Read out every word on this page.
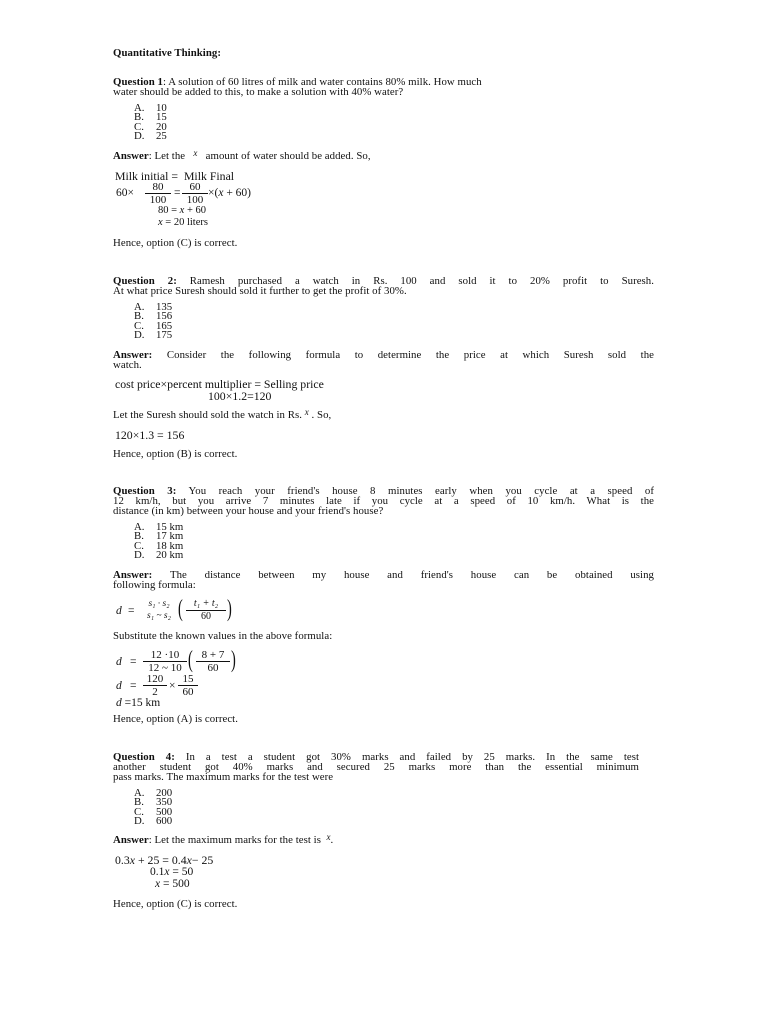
Quantitative Thinking:
Question 1: A solution of 60 litres of milk and water contains 80% milk. How much
water should be added to this, to make a solution with 40% water?
A. 10
B. 15
C. 20
D. 25
Answer: Let the $^x$ amount of water should be added. So,
Milk initial = Milk Final
$60\times \frac{80}{100} = \frac{60}{100} \times(x + 60)$
80 = x + 60
x = 20 liters
Hence, option (C) is correct.
Question 2: Ramesh purchased a watch in Rs. 100 and sold it to 20% profit to Suresh.
At what price Suresh should sold it further to get the profit of 30%.
A. 135
B. 156
C. 165
D. 175
Answer: Consider the following formula to determine the price at which Suresh sold the
watch.
cost price×percent multiplier = Selling price
100×1.2=120
Let the Suresh should sold the watch in Rs. $^x$ . So,
120×1.3 = 156
Hence, option (B) is correct.
Question 3: You reach your friend's house 8 minutes early when you cycle at a speed of
12 km/h, but you arrive 7 minutes late if you cycle at a speed of 10 km/h. What is the
distance (in km) between your house and your friend's house?
A. 15 km
B. 17 km
C. 18 km
D. 20 km
Answer: The distance between my house and friend's house can be obtained using
following formula:
d =
s₁ · s₂
s₁ ~ s₂ ( $\frac{\text{t₁ + t₂}}{60}$ )
Substitute the known values in the above formula:
$d = \frac{12 \cdot 10}{12 \sim 10}$ ( $\frac{8 + 7}{60}$ )
$d = \frac{120}{2} \times \frac{15}{60}$
d =15 km
Hence, option (A) is correct.
Question 4: In a test a student got 30% marks and failed by 25 marks. In the same test
another student got 40% marks and secured 25 marks more than the essential minimum
pass marks. The maximum marks for the test were
A. 200
B. 350
C. 500
D. 600
Answer: Let the maximum marks for the test is $^x$.
0.3x + 25 = 0.4x− 25
0.1x = 50
x = 500
Hence, option (C) is correct.
